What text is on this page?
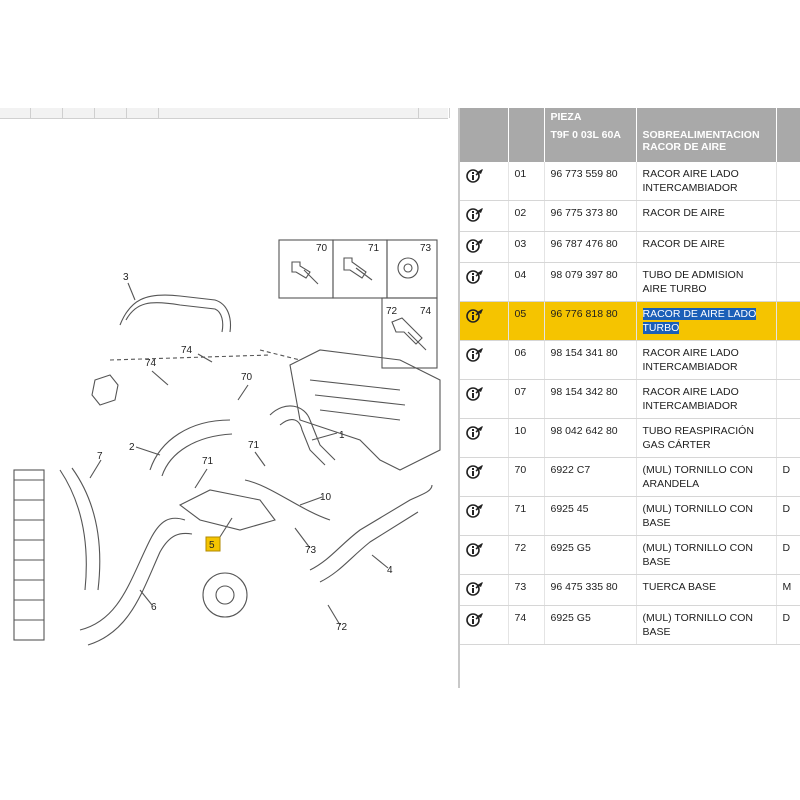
3
74
74
70
1
2	71
71
7
10
5	73
4
6
72
70	71	73
72 74
		PIEZA		
		T9F 0 03L 60A	SOBREALIMENTACION RACOR DE AIRE	
	01	96 773 559 80	RACOR AIRE LADO INTERCAMBIADOR	
	02	96 775 373 80	RACOR DE AIRE	
	03	96 787 476 80	RACOR DE AIRE	
	04	98 079 397 80	TUBO DE ADMISION AIRE TURBO	
	05	96 776 818 80	RACOR DE AIRE LADO TURBO	
	06	98 154 341 80	RACOR AIRE LADO INTERCAMBIADOR	
	07	98 154 342 80	RACOR AIRE LADO INTERCAMBIADOR	
	10	98 042 642 80	TUBO REASPIRACIÓN GAS CÁRTER	
	70	6922 C7	(MUL) TORNILLO CON ARANDELA	D
	71	6925 45	(MUL) TORNILLO CON BASE	D
	72	6925 G5	(MUL) TORNILLO CON BASE	D
	73	96 475 335 80	TUERCA BASE	M
	74	6925 G5	(MUL) TORNILLO CON BASE	D
